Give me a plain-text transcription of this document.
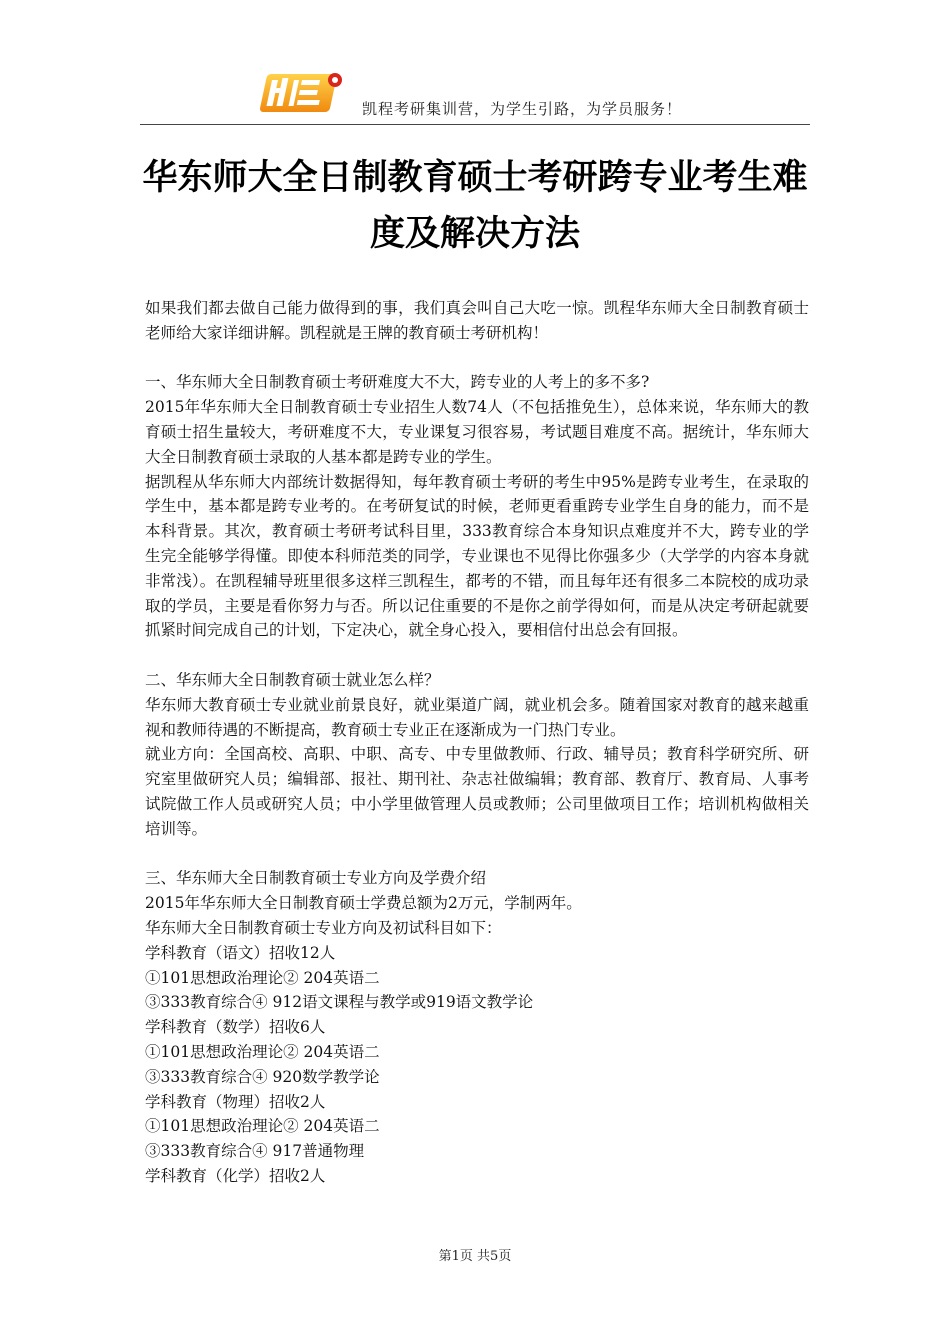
凯程考研集训营，为学生引路，为学员服务！
华东师大全日制教育硕士考研跨专业考生难度及解决方法

如果我们都去做自己能力做得到的事，我们真会叫自己大吃一惊。凯程华东师大全日制教育硕士老师给大家详细讲解。凯程就是王牌的教育硕士考研机构！

一、华东师大全日制教育硕士考研难度大不大，跨专业的人考上的多不多?

2015年华东师大全日制教育硕士专业招生人数74人（不包括推免生），总体来说，华东师大的教育硕士招生量较大，考研难度不大，专业课复习很容易，考试题目难度不高。据统计，华东师大大全日制教育硕士录取的人基本都是跨专业的学生。

据凯程从华东师大内部统计数据得知，每年教育硕士考研的考生中95%是跨专业考生，在录取的学生中，基本都是跨专业考的。在考研复试的时候，老师更看重跨专业学生自身的能力，而不是本科背景。其次，教育硕士考研考试科目里，333教育综合本身知识点难度并不大，跨专业的学生完全能够学得懂。即使本科师范类的同学，专业课也不见得比你强多少（大学学的内容本身就非常浅）。在凯程辅导班里很多这样三凯程生，都考的不错，而且每年还有很多二本院校的成功录取的学员，主要是看你努力与否。所以记住重要的不是你之前学得如何，而是从决定考研起就要抓紧时间完成自己的计划，下定决心，就全身心投入，要相信付出总会有回报。

二、华东师大全日制教育硕士就业怎么样？

华东师大教育硕士专业就业前景良好，就业渠道广阔，就业机会多。随着国家对教育的越来越重视和教师待遇的不断提高，教育硕士专业正在逐渐成为一门热门专业。

就业方向：全国高校、高职、中职、高专、中专里做教师、行政、辅导员；教育科学研究所、研究室里做研究人员；编辑部、报社、期刊社、杂志社做编辑；教育部、教育厅、教育局、人事考试院做工作人员或研究人员；中小学里做管理人员或教师；公司里做项目工作；培训机构做相关培训等。

三、华东师大全日制教育硕士专业方向及学费介绍

2015年华东师大全日制教育硕士学费总额为2万元，学制两年。

华东师大全日制教育硕士专业方向及初试科目如下：

学科教育（语文）招收12人

①101思想政治理论② 204英语二

③333教育综合④ 912语文课程与教学或919语文教学论

学科教育（数学）招收6人

①101思想政治理论② 204英语二

③333教育综合④ 920数学教学论

学科教育（物理）招收2人

①101思想政治理论② 204英语二

③333教育综合④ 917普通物理

学科教育（化学）招收2人

第1页 共5页
